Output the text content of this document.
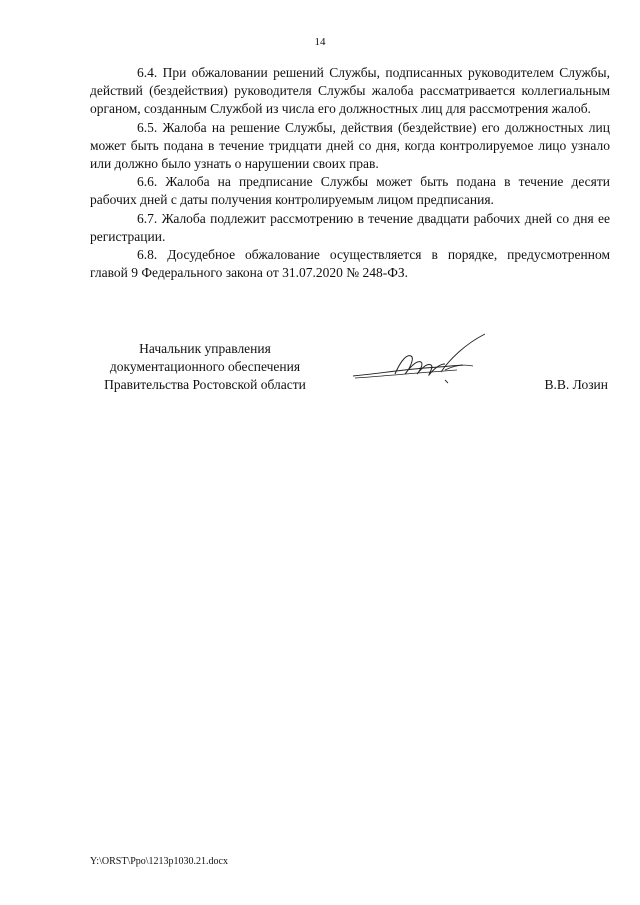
14

6.4. При обжаловании решений Службы, подписанных руководителем Службы, действий (бездействия) руководителя Службы жалоба рассматривается коллегиальным органом, созданным Службой из числа его должностных лиц для рассмотрения жалоб.

6.5. Жалоба на решение Службы, действия (бездействие) его должностных лиц может быть подана в течение тридцати дней со дня, когда контролируемое лицо узнало или должно было узнать о нарушении своих прав.

6.6. Жалоба на предписание Службы может быть подана в течение десяти рабочих дней с даты получения контролируемым лицом предписания.

6.7. Жалоба подлежит рассмотрению в течение двадцати рабочих дней со дня ее регистрации.

6.8. Досудебное обжалование осуществляется в порядке, предусмотренном главой 9 Федерального закона от 31.07.2020 № 248-ФЗ.

Начальник управления
документационного обеспечения
Правительства Ростовской области	В.В. Лозин
Y:\ORST\Ppo\1213p1030.21.docx
